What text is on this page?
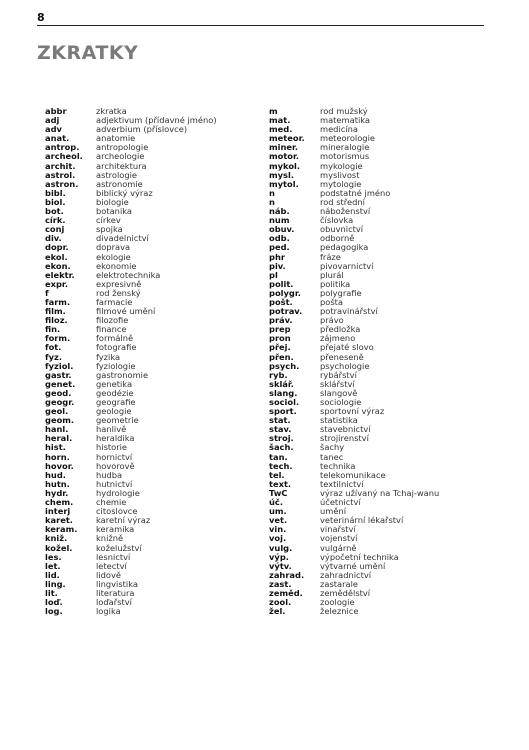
8
ZKRATKY
abbr	zkratka
adj	adjektivum (přídavné jméno)
adv	adverbium (příslovce)
anat.	anatomie
antrop.	antropologie
archeol.	archeologie
archit.	architektura
astrol.	astrologie
astron.	astronomie
bibl.	biblický výraz
biol.	biologie
bot.	botanika
círk.	církev
conj	spojka
div.	divadelnictví
dopr.	doprava
ekol.	ekologie
ekon.	ekonomie
elektr.	elektrotechnika
expr.	expresivně
f	rod ženský
farm.	farmacie
film.	filmové umění
filoz.	filozofie
fin.	finance
form.	formálně
fot.	fotografie
fyz.	fyzika
fyziol.	fyziologie
gastr.	gastronomie
genet.	genetika
geod.	geodézie
geogr.	geografie
geol.	geologie
geom.	geometrie
hanl.	hanlivě
heral.	heraldika
hist.	historie
horn.	hornictví
hovor.	hovorově
hud.	hudba
hutn.	hutnictví
hydr.	hydrologie
chem.	chemie
interj	citoslovce
karet.	karetní výraz
keram.	keramika
kniž.	knižně
kožel.	koželužství
les.	lesnictví
let.	letectví
lid.	lidově
ling.	lingvistika
lit.	literatura
loď.	loďařství
log.	logika
m	rod mužský
mat.	matematika
med.	medicína
meteor.	meteorologie
miner.	mineralogie
motor.	motorismus
mykol.	mykologie
mysl.	myslivost
mytol.	mytologie
n	podstatné jméno
n	rod střední
náb.	náboženství
num	číslovka
obuv.	obuvnictví
odb.	odborně
ped.	pedagogika
phr	fráze
piv.	pivovarnictví
pl	plurál
polit.	politika
polygr.	polygrafie
pošt.	pošta
potrav.	potravinářství
práv.	právo
prep	předložka
pron	zájmeno
přej.	přejaté slovo
přen.	přeneseně
psych.	psychologie
ryb.	rybářství
sklář.	sklářství
slang.	slangově
sociol.	sociologie
sport.	sportovní výraz
stat.	statistika
stav.	stavebnictví
stroj.	strojírenství
šach.	šachy
tan.	tanec
tech.	technika
tel.	telekomunikace
text.	textilnictví
TwC	výraz užívaný na Tchaj-wanu
úč.	účetnictví
um.	umění
vet.	veterinární lékařství
vin.	vinařství
voj.	vojenství
vulg.	vulgárně
výp.	výpočetní technika
výtv.	výtvarné umění
zahrad.	zahradnictví
zast.	zastarale
zeměd.	zemědělství
zool.	zoologie
žel.	železnice
